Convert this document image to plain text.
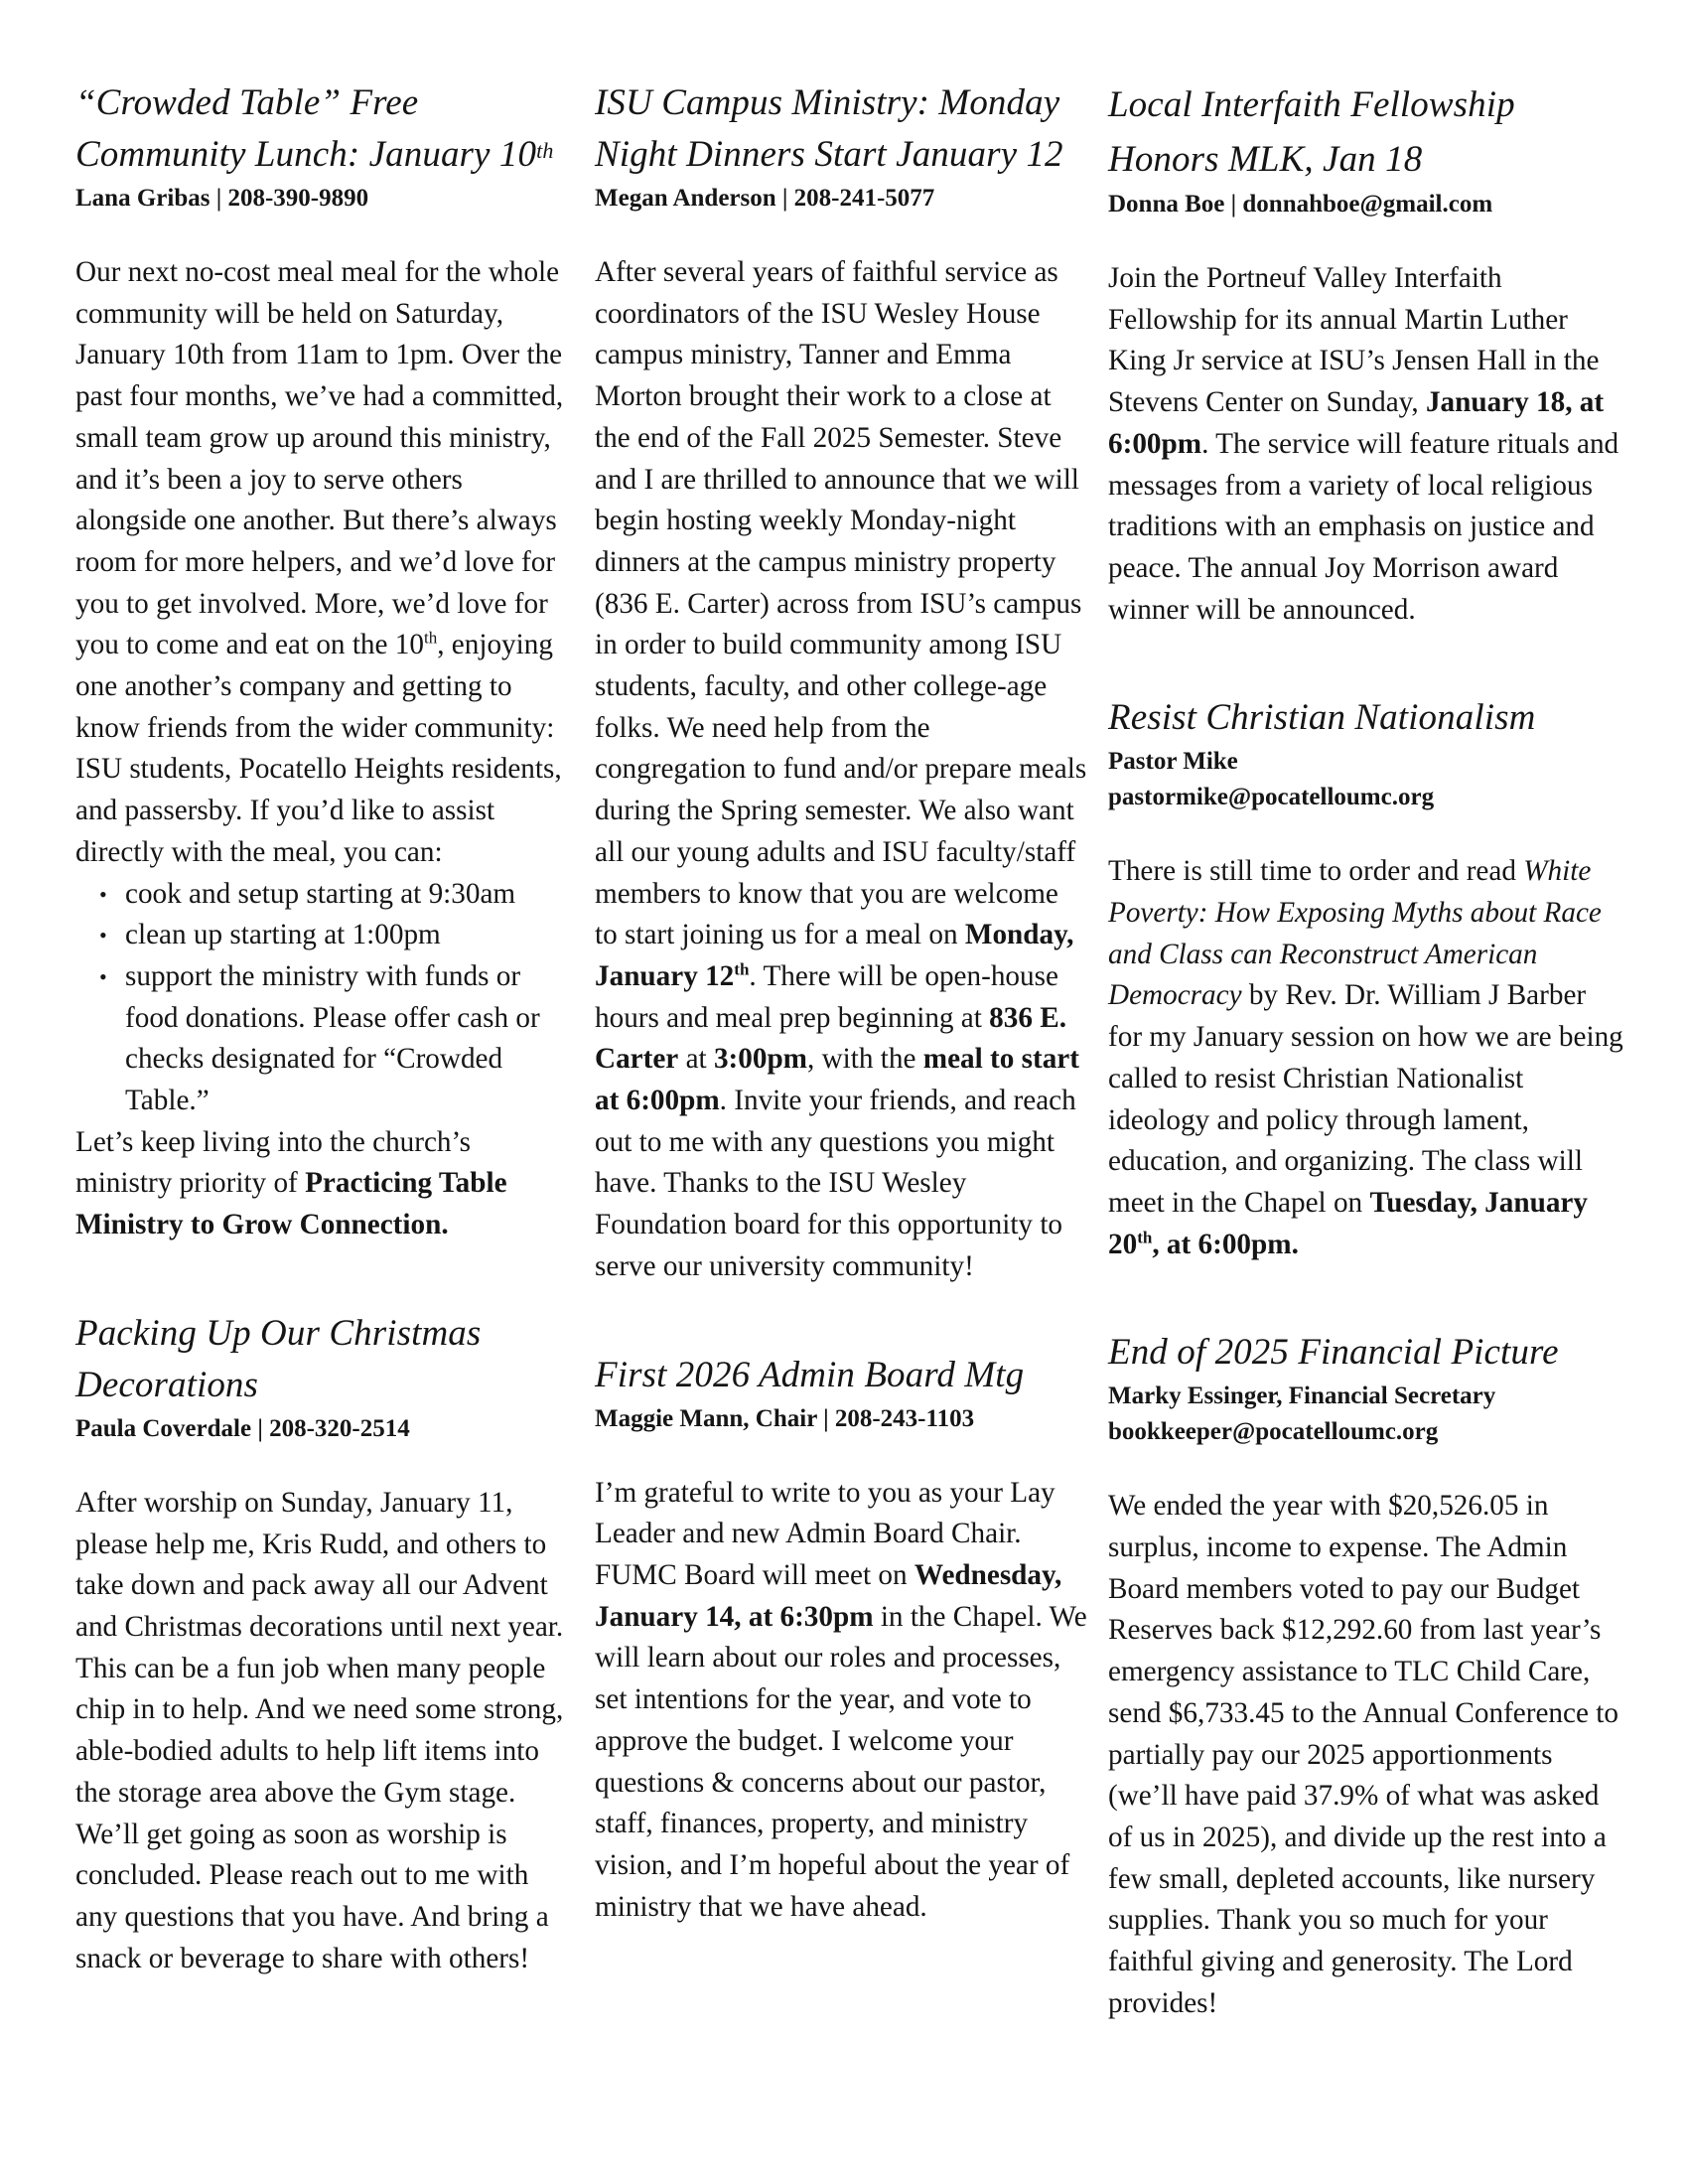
“Crowded Table” Free
Community Lunch: January 10th
Lana Gribas | 208-390-9890

Our next no-cost meal meal for the whole community will be held on Saturday, January 10th from 11am to 1pm. Over the past four months, we’ve had a committed, small team grow up around this ministry, and it’s been a joy to serve others alongside one another. But there’s always room for more helpers, and we’d love for you to get involved. More, we’d love for you to come and eat on the 10th, enjoying one another’s company and getting to know friends from the wider community: ISU students, Pocatello Heights residents, and passersby. If you’d like to assist directly with the meal, you can:

• cook and setup starting at 9:30am
• clean up starting at 1:00pm
• support the ministry with funds or food donations. Please offer cash or checks designated for “Crowded Table.”

Let’s keep living into the church’s ministry priority of Practicing Table Ministry to Grow Connection.

Packing Up Our Christmas Decorations
Paula Coverdale | 208-320-2514

After worship on Sunday, January 11, please help me, Kris Rudd, and others to take down and pack away all our Advent and Christmas decorations until next year. This can be a fun job when many people chip in to help. And we need some strong, able-bodied adults to help lift items into the storage area above the Gym stage. We’ll get going as soon as worship is concluded. Please reach out to me with any questions that you have. And bring a snack or beverage to share with others!

ISU Campus Ministry: Monday Night Dinners Start January 12
Megan Anderson | 208-241-5077

After several years of faithful service as coordinators of the ISU Wesley House campus ministry, Tanner and Emma Morton brought their work to a close at the end of the Fall 2025 Semester. Steve and I are thrilled to announce that we will begin hosting weekly Monday-night dinners at the campus ministry property (836 E. Carter) across from ISU’s campus in order to build community among ISU students, faculty, and other college-age folks. We need help from the congregation to fund and/or prepare meals during the Spring semester. We also want all our young adults and ISU faculty/staff members to know that you are welcome to start joining us for a meal on Monday, January 12th. There will be open-house hours and meal prep beginning at 836 E. Carter at 3:00pm, with the meal to start at 6:00pm. Invite your friends, and reach out to me with any questions you might have. Thanks to the ISU Wesley Foundation board for this opportunity to serve our university community!

First 2026 Admin Board Mtg
Maggie Mann, Chair | 208-243-1103

I’m grateful to write to you as your Lay Leader and new Admin Board Chair. FUMC Board will meet on Wednesday, January 14, at 6:30pm in the Chapel. We will learn about our roles and processes, set intentions for the year, and vote to approve the budget. I welcome your questions & concerns about our pastor, staff, finances, property, and ministry vision, and I’m hopeful about the year of ministry that we have ahead.

Local Interfaith Fellowship Honors MLK, Jan 18
Donna Boe | donnahboe@gmail.com

Join the Portneuf Valley Interfaith Fellowship for its annual Martin Luther King Jr service at ISU’s Jensen Hall in the Stevens Center on Sunday, January 18, at 6:00pm. The service will feature rituals and messages from a variety of local religious traditions with an emphasis on justice and peace. The annual Joy Morrison award winner will be announced.

Resist Christian Nationalism
Pastor Mike
pastormike@pocatelloumc.org

There is still time to order and read White Poverty: How Exposing Myths about Race and Class can Reconstruct American Democracy by Rev. Dr. William J Barber for my January session on how we are being called to resist Christian Nationalist ideology and policy through lament, education, and organizing. The class will meet in the Chapel on Tuesday, January 20th, at 6:00pm.

End of 2025 Financial Picture
Marky Essinger, Financial Secretary
bookkeeper@pocatelloumc.org

We ended the year with $20,526.05 in surplus, income to expense. The Admin Board members voted to pay our Budget Reserves back $12,292.60 from last year’s emergency assistance to TLC Child Care, send $6,733.45 to the Annual Conference to partially pay our 2025 apportionments (we’ll have paid 37.9% of what was asked of us in 2025), and divide up the rest into a few small, depleted accounts, like nursery supplies. Thank you so much for your faithful giving and generosity. The Lord provides!
